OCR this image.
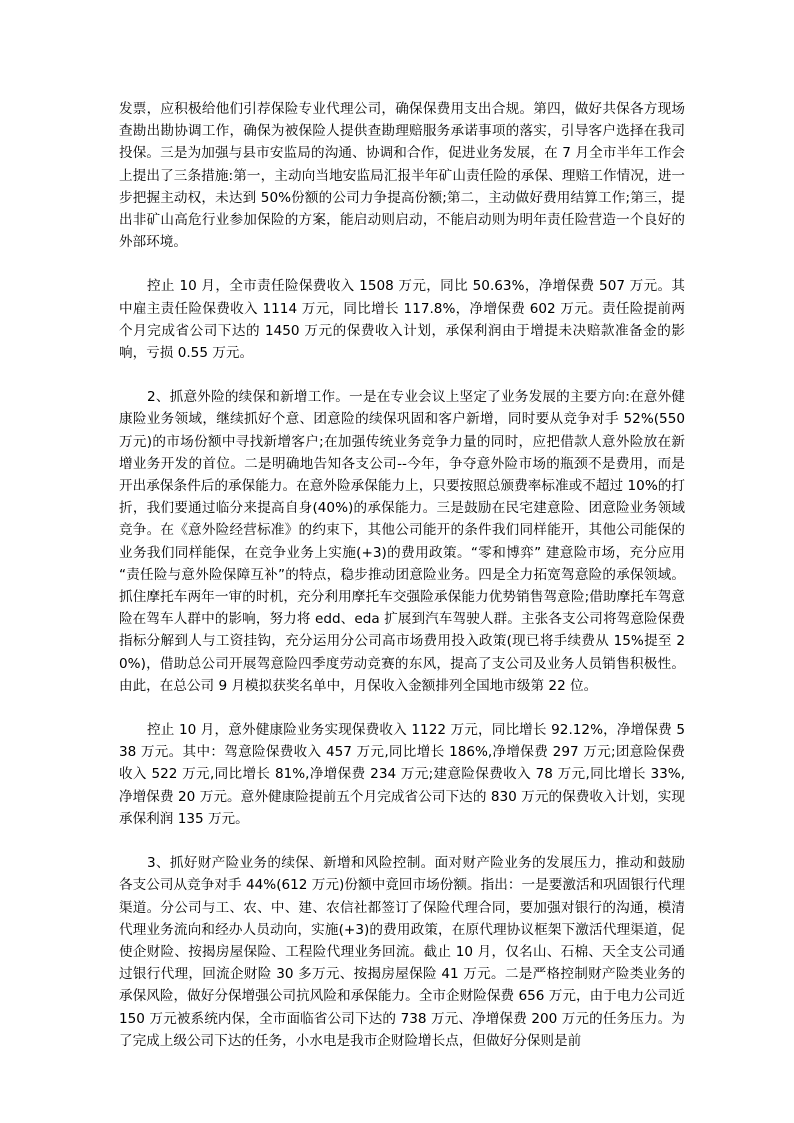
发票，应积极给他们引荐保险专业代理公司，确保保费用支出合规。第四，做好共保各方现场查勘出勘协调工作，确保为被保险人提供查勘理赔服务承诺事项的落实，引导客户选择在我司投保。三是为加强与县市安监局的沟通、协调和合作，促进业务发展，在 7 月全市半年工作会上提出了三条措施:第一，主动向当地安监局汇报半年矿山责任险的承保、理赔工作情况，进一步把握主动权，未达到 50%份额的公司力争提高份额;第二，主动做好费用结算工作;第三，提出非矿山高危行业参加保险的方案，能启动则启动，不能启动则为明年责任险营造一个良好的外部环境。

控止 10 月，全市责任险保费收入 1508 万元，同比 50.63%，净增保费 507 万元。其中雇主责任险保费收入 1114 万元，同比增长 117.8%，净增保费 602 万元。责任险提前两个月完成省公司下达的 1450 万元的保费收入计划，承保利润由于增提未决赔款准备金的影响，亏损 0.55 万元。

2、抓意外险的续保和新增工作。一是在专业会议上坚定了业务发展的主要方向:在意外健康险业务领域，继续抓好个意、团意险的续保巩固和客户新增，同时要从竞争对手 52%(550 万元)的市场份额中寻找新增客户;在加强传统业务竞争力量的同时，应把借款人意外险放在新增业务开发的首位。二是明确地告知各支公司--今年，争夺意外险市场的瓶颈不是费用，而是开出承保条件后的承保能力。在意外险承保能力上，只要按照总颁费率标准或不超过 10%的打折，我们要通过临分来提高自身(40%)的承保能力。三是鼓励在民宅建意险、团意险业务领域竞争。在《意外险经营标准》的约束下，其他公司能开的条件我们同样能开，其他公司能保的业务我们同样能保，在竞争业务上实施(+3)的费用政策。“零和博弈” 建意险市场，充分应用 “责任险与意外险保障互补”的特点，稳步推动团意险业务。四是全力拓宽驾意险的承保领域。抓住摩托车两年一审的时机，充分利用摩托车交强险承保能力优势销售驾意险;借助摩托车驾意险在驾车人群中的影响，努力将 edd、eda 扩展到汽车驾驶人群。主张各支公司将驾意险保费指标分解到人与工资挂钩，充分运用分公司高市场费用投入政策(现已将手续费从 15%提至 20%)，借助总公司开展驾意险四季度劳动竞赛的东风，提高了支公司及业务人员销售积极性。由此，在总公司 9 月模拟获奖名单中，月保收入金额排列全国地市级第 22 位。

控止 10 月，意外健康险业务实现保费收入 1122 万元，同比增长 92.12%，净增保费 538 万元。其中：驾意险保费收入 457 万元,同比增长 186%,净增保费 297 万元;团意险保费收入 522 万元,同比增长 81%,净增保费 234 万元;建意险保费收入 78 万元,同比增长 33%,净增保费 20 万元。意外健康险提前五个月完成省公司下达的 830 万元的保费收入计划，实现承保利润 135 万元。

3、抓好财产险业务的续保、新增和风险控制。面对财产险业务的发展压力，推动和鼓励各支公司从竞争对手 44%(612 万元)份额中竟回市场份额。指出：一是要激活和巩固银行代理渠道。分公司与工、农、中、建、农信社都签订了保险代理合同，要加强对银行的沟通，模清代理业务流向和经办人员动向，实施(+3)的费用政策，在原代理协议框架下激活代理渠道，促使企财险、按揭房屋保险、工程险代理业务回流。截止 10 月，仅名山、石棉、天全支公司通过银行代理，回流企财险 30 多万元、按揭房屋保险 41 万元。二是严格控制财产险类业务的承保风险，做好分保增强公司抗风险和承保能力。全市企财险保费 656 万元，由于电力公司近 150 万元被系统内保，全市面临省公司下达的 738 万元、净增保费 200 万元的任务压力。为了完成上级公司下达的任务，小水电是我市企财险增长点，但做好分保则是前
